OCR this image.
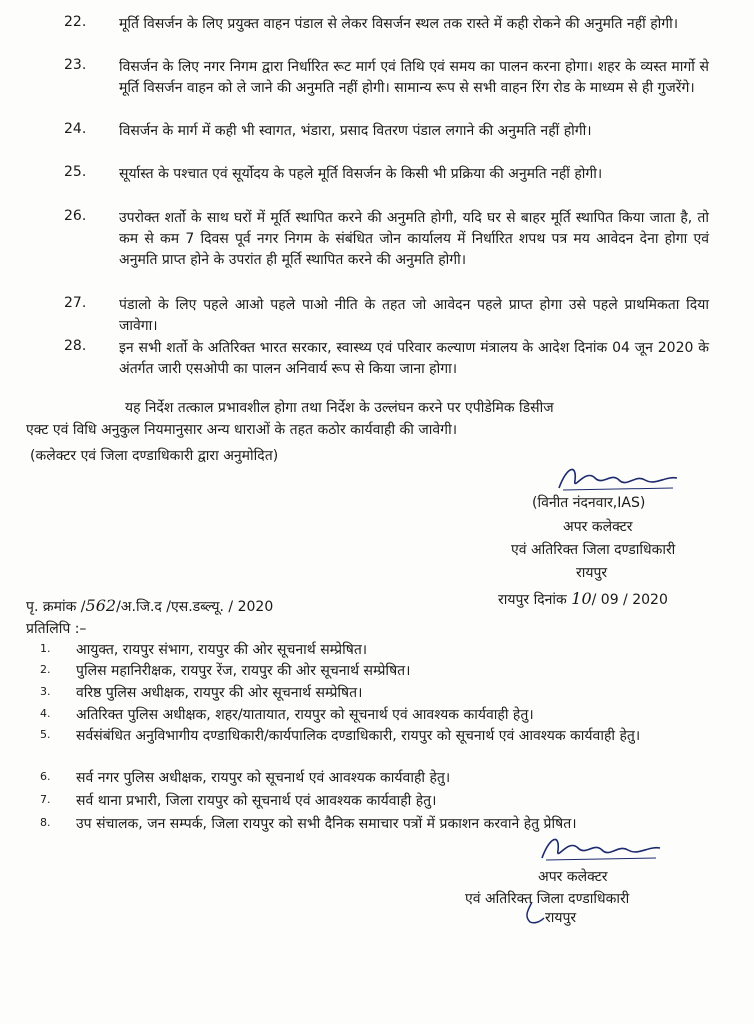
22. मूर्ति विसर्जन के लिए प्रयुक्त वाहन पंडाल से लेकर विसर्जन स्थल तक रास्ते में कही रोकने की अनुमति नहीं होगी।
23. विसर्जन के लिए नगर निगम द्वारा निर्धारित रूट मार्ग एवं तिथि एवं समय का पालन करना होगा। शहर के व्यस्त मार्गो से मूर्ति विसर्जन वाहन को ले जाने की अनुमति नहीं होगी। सामान्य रूप से सभी वाहन रिंग रोड के माध्यम से ही गुजरेंगे।
24. विसर्जन के मार्ग में कही भी स्वागत, भंडारा, प्रसाद वितरण पंडाल लगाने की अनुमति नहीं होगी।
25. सूर्यास्त के पश्चात एवं सूर्योदय के पहले मूर्ति विसर्जन के किसी भी प्रक्रिया की अनुमति नहीं होगी।
26. उपरोक्त शर्तो के साथ घरों में मूर्ति स्थापित करने की अनुमति होगी, यदि घर से बाहर मूर्ति स्थापित किया जाता है, तो कम से कम 7 दिवस पूर्व नगर निगम के संबंधित जोन कार्यालय में निर्धारित शपथ पत्र मय आवेदन देना होगा एवं अनुमति प्राप्त होने के उपरांत ही मूर्ति स्थापित करने की अनुमति होगी।
27. पंडालो के लिए पहले आओ पहले पाओ नीति के तहत जो आवेदन पहले प्राप्त होगा उसे पहले प्राथमिकता दिया जावेगा।
28. इन सभी शर्तो के अतिरिक्त भारत सरकार, स्वास्थ्य एवं परिवार कल्याण मंत्रालय के आदेश दिनांक 04 जून 2020 के अंतर्गत जारी एसओपी का पालन अनिवार्य रूप से किया जाना होगा।
यह निर्देश तत्काल प्रभावशील होगा तथा निर्देश के उल्लंघन करने पर एपीडेमिक डिसीज
एक्ट एवं विधि अनुकुल नियमानुसार अन्य धाराओं के तहत कठोर कार्यवाही की जावेगी।
(कलेक्टर एवं जिला दण्डाधिकारी द्वारा अनुमोदित)
(विनीत नंदनवार,IAS)
अपर कलेक्टर
एवं अतिरिक्त जिला दण्डाधिकारी
रायपुर
पृ. क्रमांक /562/अ.जि.द /एस.डब्ल्यू. / 2020	रायपुर दिनांक 10/ 09 / 2020
प्रतिलिपि :–
1. आयुक्त, रायपुर संभाग, रायपुर की ओर सूचनार्थ सम्प्रेषित।
2. पुलिस महानिरीक्षक, रायपुर रेंज, रायपुर की ओर सूचनार्थ सम्प्रेषित।
3. वरिष्ठ पुलिस अधीक्षक, रायपुर की ओर सूचनार्थ सम्प्रेषित।
4. अतिरिक्त पुलिस अधीक्षक, शहर/यातायात, रायपुर को सूचनार्थ एवं आवश्यक कार्यवाही हेतु।
5. सर्वसंबंधित अनुविभागीय दण्डाधिकारी/कार्यपालिक दण्डाधिकारी, रायपुर को सूचनार्थ एवं आवश्यक कार्यवाही हेतु।
6. सर्व नगर पुलिस अधीक्षक, रायपुर को सूचनार्थ एवं आवश्यक कार्यवाही हेतु।
7. सर्व थाना प्रभारी, जिला रायपुर को सूचनार्थ एवं आवश्यक कार्यवाही हेतु।
8. उप संचालक, जन सम्पर्क, जिला रायपुर को सभी दैनिक समाचार पत्रों में प्रकाशन करवाने हेतु प्रेषित।
अपर कलेक्टर
एवं अतिरिक्त जिला दण्डाधिकारी
रायपुर
